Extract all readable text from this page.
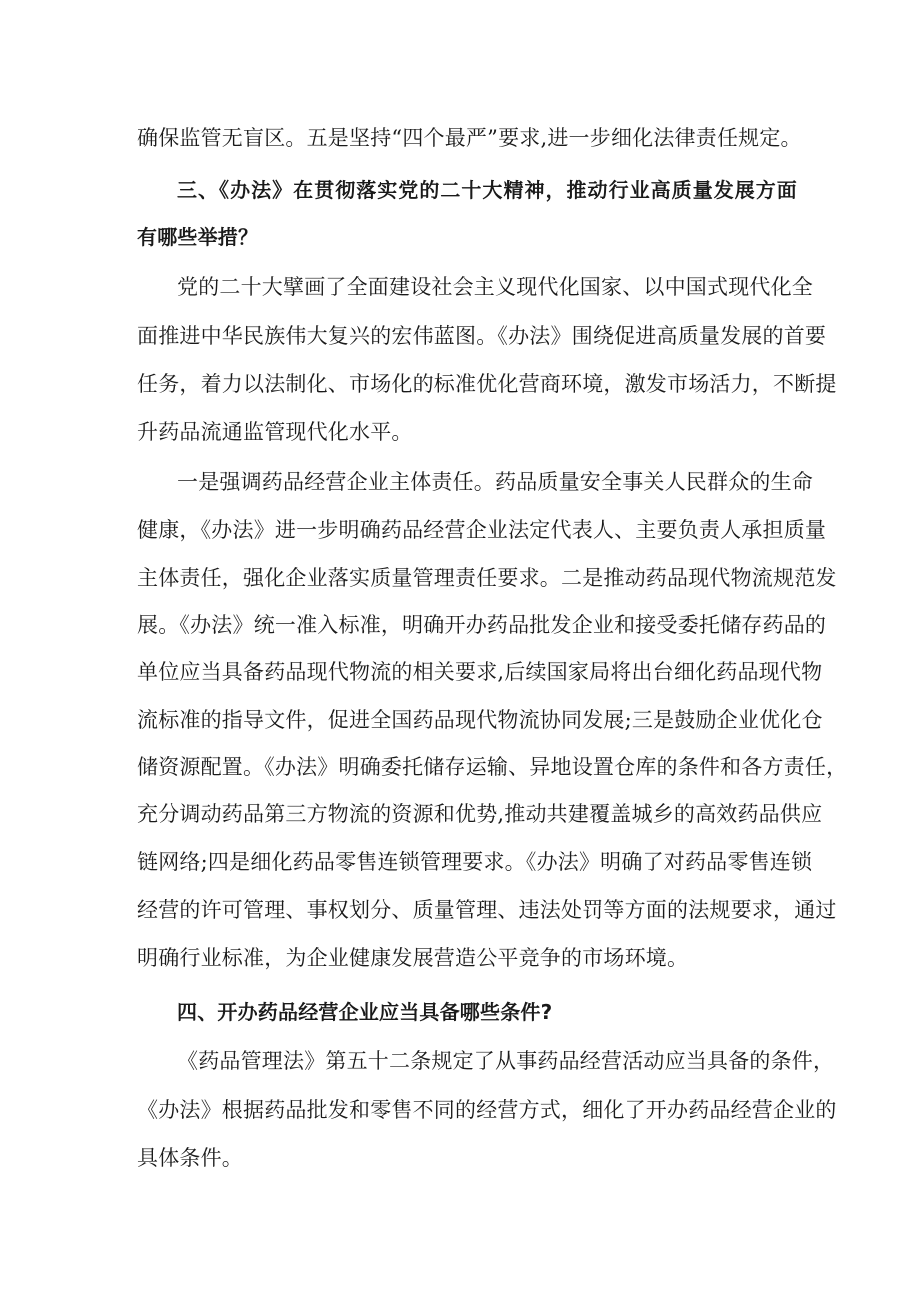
确保监管无盲区。五是坚持“四个最严”要求,进一步细化法律责任规定。
三、《办法》在贯彻落实党的二十大精神，推动行业高质量发展方面
有哪些举措？
党的二十大擘画了全面建设社会主义现代化国家、以中国式现代化全
面推进中华民族伟大复兴的宏伟蓝图。《办法》围绕促进高质量发展的首要
任务，着力以法制化、市场化的标准优化营商环境，激发市场活力，不断提
升药品流通监管现代化水平。
一是强调药品经营企业主体责任。药品质量安全事关人民群众的生命
健康，《办法》进一步明确药品经营企业法定代表人、主要负责人承担质量
主体责任，强化企业落实质量管理责任要求。二是推动药品现代物流规范发
展。《办法》统一准入标准，明确开办药品批发企业和接受委托储存药品的
单位应当具备药品现代物流的相关要求,后续国家局将出台细化药品现代物
流标准的指导文件，促进全国药品现代物流协同发展;三是鼓励企业优化仓
储资源配置。《办法》明确委托储存运输、异地设置仓库的条件和各方责任，
充分调动药品第三方物流的资源和优势,推动共建覆盖城乡的高效药品供应
链网络;四是细化药品零售连锁管理要求。《办法》明确了对药品零售连锁
经营的许可管理、事权划分、质量管理、违法处罚等方面的法规要求，通过
明确行业标准，为企业健康发展营造公平竞争的市场环境。
四、开办药品经营企业应当具备哪些条件?
《药品管理法》第五十二条规定了从事药品经营活动应当具备的条件，
《办法》根据药品批发和零售不同的经营方式，细化了开办药品经营企业的
具体条件。
